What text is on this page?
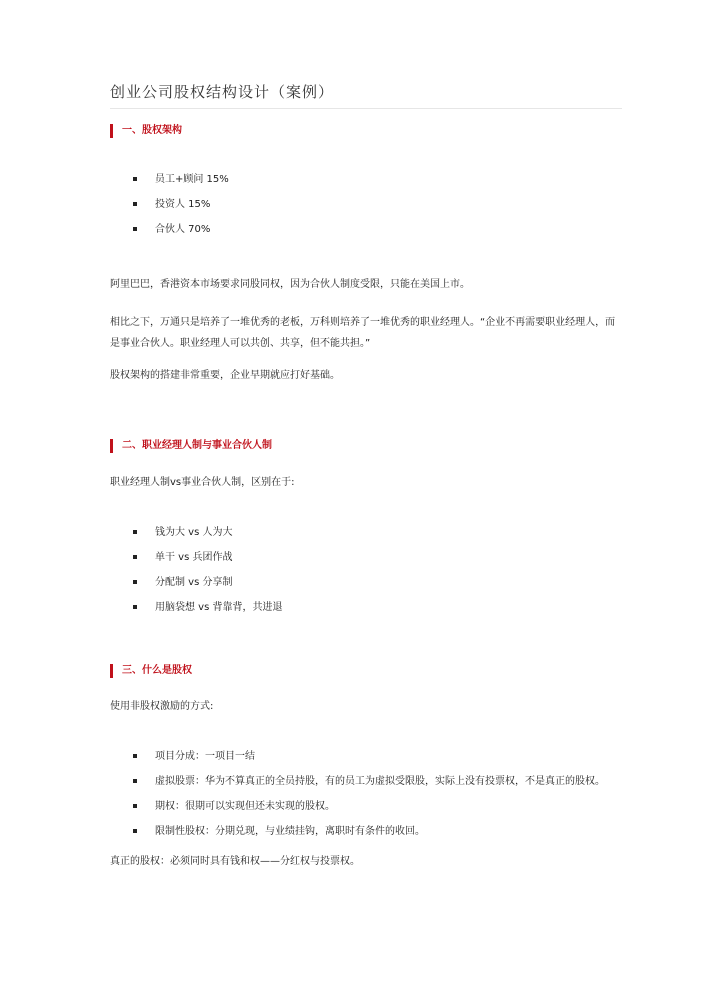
创业公司股权结构设计（案例）
一、股权架构
员工+顾问 15%
投资人 15%
合伙人 70%

阿里巴巴，香港资本市场要求同股同权，因为合伙人制度受限，只能在美国上市。

相比之下，万通只是培养了一堆优秀的老板，万科则培养了一堆优秀的职业经理人。“企业不再需要职业经理人，而是事业合伙人。职业经理人可以共创、共享，但不能共担。”

股权架构的搭建非常重要，企业早期就应打好基础。

二、职业经理人制与事业合伙人制

职业经理人制vs事业合伙人制，区别在于:

钱为大 vs 人为大
单干 vs 兵团作战
分配制 vs 分享制
用脑袋想 vs 背靠背，共进退
三、什么是股权

使用非股权激励的方式:

项目分成：一项目一结
虚拟股票：华为不算真正的全员持股，有的员工为虚拟受限股，实际上没有投票权，不是真正的股权。
期权：很期可以实现但还未实现的股权。
限制性股权：分期兑现，与业绩挂钩，离职时有条件的收回。

真正的股权：必须同时具有钱和权——分红权与投票权。
